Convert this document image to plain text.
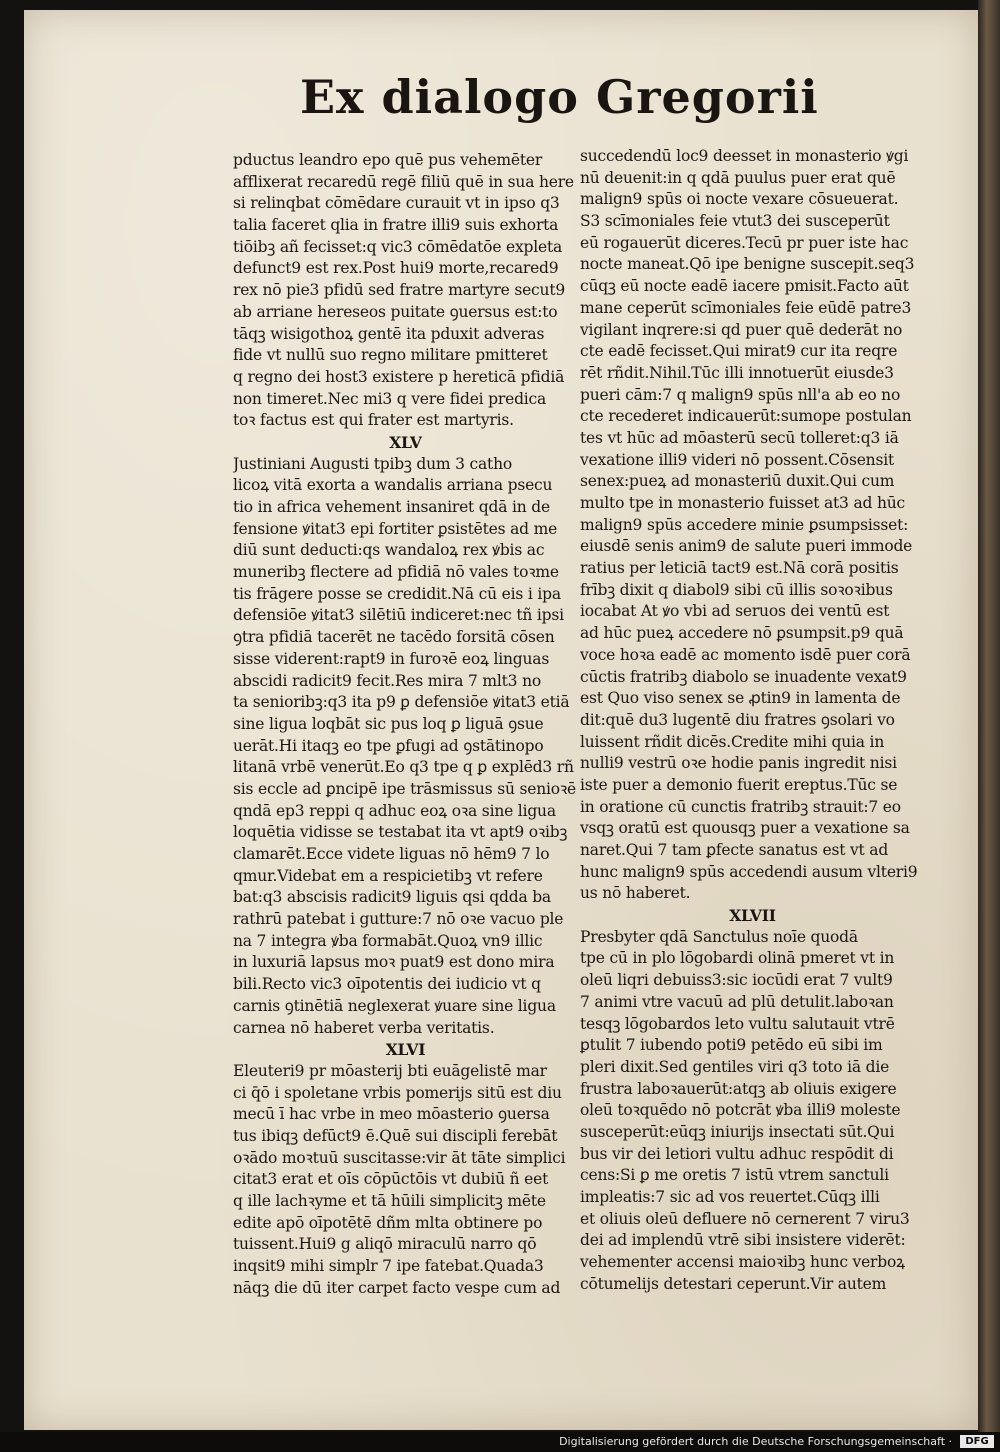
Ex dialogo Gregorii
pductus leandro epo quē pus vehemēter
afflixerat recaredū regē filiū quē in sua here
si relinqbat cōmēdare curauit vt in ipso q3
talia faceret qlia in fratre illi9 suis exhorta
tiōibꝫ añ fecisset:q vic3 cōmēdatōe expleta
defunct9 est rex.Post hui9 morte,recared9
rex nō pie3 pfidū sed fratre martyre secut9
ab arriane hereseos puitate ꝯuersus est:to
tāqꝫ wisigothoꝝ gentē ita pduxit adveras
fide vt nullū suo regno militare pmitteret
q regno dei host3 existere p hereticā pfidiā
non timeret.Nec mi3 q vere fidei predica
toꝛ factus est qui frater est martyris.
XLV
Justiniani Augusti tpibꝫ dum 3 catho
licoꝝ vitā exorta a wandalis arriana psecu
tio in africa vehement insaniret qdā in de
fensione ꝟitat3 epi fortiter ꝑsistētes ad me
diū sunt deducti:qs wandaloꝝ rex ꝟbis ac
muneribꝫ flectere ad pfidiā nō vales toꝛme
tis frāgere posse se credidit.Nā cū eis i ipa
defensiōe ꝟitat3 silētiū indiceret:nec tñ ipsi
ꝯtra pfidiā tacerēt ne tacēdo forsitā cōsen
sisse viderent:rapt9 in furoꝛē eoꝝ linguas
abscidi radicit9 fecit.Res mira 7 mlt3 no
ta senioribꝫ:q3 ita p9 ꝑ defensiōe ꝟitat3 etiā
sine ligua loqbāt sic pus loq ꝑ liguā ꝯsue
uerāt.Hi itaqꝫ eo tpe ꝑfugi ad ꝯstātinopo
litanā vrbē venerūt.Eo q3 tpe q ꝑ explēd3 rñ
sis eccle ad ꝑncipē ipe trāsmissus sū senioꝛē
qndā ep3 reppi q adhuc eoꝝ oꝛa sine ligua
loquētia vidisse se testabat ita vt apt9 oꝛibꝫ
clamarēt.Ecce videte liguas nō hēm9 7 lo
qmur.Videbat em a respicietibꝫ vt refere
bat:q3 abscisis radicit9 liguis qsi qdda ba
rathrū patebat i gutture:7 nō oꝛe vacuo ple
na 7 integra ꝟba formabāt.Quoꝝ vn9 illic
in luxuriā lapsus moꝛ puat9 est dono mira
bili.Recto vic3 oīpotentis dei iudicio vt q
carnis ꝯtinētiā neglexerat ꝟuare sine ligua
carnea nō haberet verba veritatis.
XLVI
Eleuteri9 pr mōasterij bti euāgelistē mar
ci q̄ō i spoletane vrbis pomerijs sitū est diu
mecū ī hac vrbe in meo mōasterio ꝯuersa
tus ibiqꝫ defūct9 ē.Quē sui discipli ferebāt
oꝛādo moꝛtuū suscitasse:vir āt tāte simplici
citat3 erat et oīs cōpūctōis vt dubiū ñ eet
q ille lachꝛyme et tā hūili simplicitꝫ mēte
edite apō oīpotētē dñm mlta obtinere po
tuissent.Hui9 g aliqō miraculū narro qō
inqsit9 mihi simplr 7 ipe fatebat.Quada3
nāqꝫ die dū iter carpet facto vespe cum ad
succedendū loc9 deesset in monasterio ꝟgi
nū deuenit:in q qdā puulus puer erat quē
malign9 spūs oi nocte vexare cōsueuerat.
S3 scīmoniales feie vtut3 dei susceperūt
eū rogauerūt diceres.Tecū pr puer iste hac
nocte maneat.Qō ipe benigne suscepit.seq3
cūqꝫ eū nocte eadē iacere pmisit.Facto aūt
mane ceperūt scīmoniales feie eūdē patre3
vigilant inqrere:si qd puer quē dederāt no
cte eadē fecisset.Qui mirat9 cur ita reqre
rēt rñdit.Nihil.Tūc illi innotuerūt eiusde3
pueri cām:7 q malign9 spūs nll'a ab eo no
cte recederet indicauerūt:sumope postulan
tes vt hūc ad mōasterū secū tolleret:q3 iā
vexatione illi9 videri nō possent.Cōsensit
senex:pueꝝ ad monasteriū duxit.Qui cum
multo tpe in monasterio fuisset at3 ad hūc
malign9 spūs accedere minie ꝑsumpsisset:
eiusdē senis anim9 de salute pueri immode
ratius per leticiā tact9 est.Nā corā positis
frībꝫ dixit q diabol9 sibi cū illis soꝛoꝛibus
iocabat At ꝟo vbi ad seruos dei ventū est
ad hūc pueꝝ accedere nō ꝑsumpsit.p9 quā
voce hoꝛa eadē ac momento isdē puer corā
cūctis fratribꝫ diabolo se inuadente vexat9
est Quo viso senex se ꝓtin9 in lamenta de
dit:quē du3 lugentē diu fratres ꝯsolari vo
luissent rñdit dicēs.Credite mihi quia in
nulli9 vestrū oꝛe hodie panis ingredit nisi
iste puer a demonio fuerit ereptus.Tūc se
in oratione cū cunctis fratribꝫ strauit:7 eo
vsqꝫ oratū est quousqꝫ puer a vexatione sa
naret.Qui 7 tam ꝑfecte sanatus est vt ad
hunc malign9 spūs accedendi ausum vlteri9
us nō haberet.
XLVII
Presbyter qdā Sanctulus noīe quodā
tpe cū in plo lōgobardi olinā pmeret vt in
oleū liqri debuiss3:sic iocūdi erat 7 vult9
7 animi vtre vacuū ad plū detulit.laboꝛan
tesqꝫ lōgobardos leto vultu salutauit vtrē
ꝑtulit 7 iubendo poti9 petēdo eū sibi im
pleri dixit.Sed gentiles viri q3 toto iā die
frustra laboꝛauerūt:atqꝫ ab oliuis exigere
oleū toꝛquēdo nō potcrāt ꝟba illi9 moleste
susceperūt:eūqꝫ iniurijs insectati sūt.Qui
bus vir dei letiori vultu adhuc respōdit di
cens:Si ꝑ me oretis 7 istū vtrem sanctuli
impleatis:7 sic ad vos reuertet.Cūqꝫ illi
et oliuis oleū defluere nō cernerent 7 viru3
dei ad implendū vtrē sibi insistere viderēt:
vehementer accensi maioꝛibꝫ hunc verboꝝ
cōtumelijs detestari ceperunt.Vir autem
Digitalisierung gefördert durch die Deutsche Forschungsgemeinschaft ·	DFG
